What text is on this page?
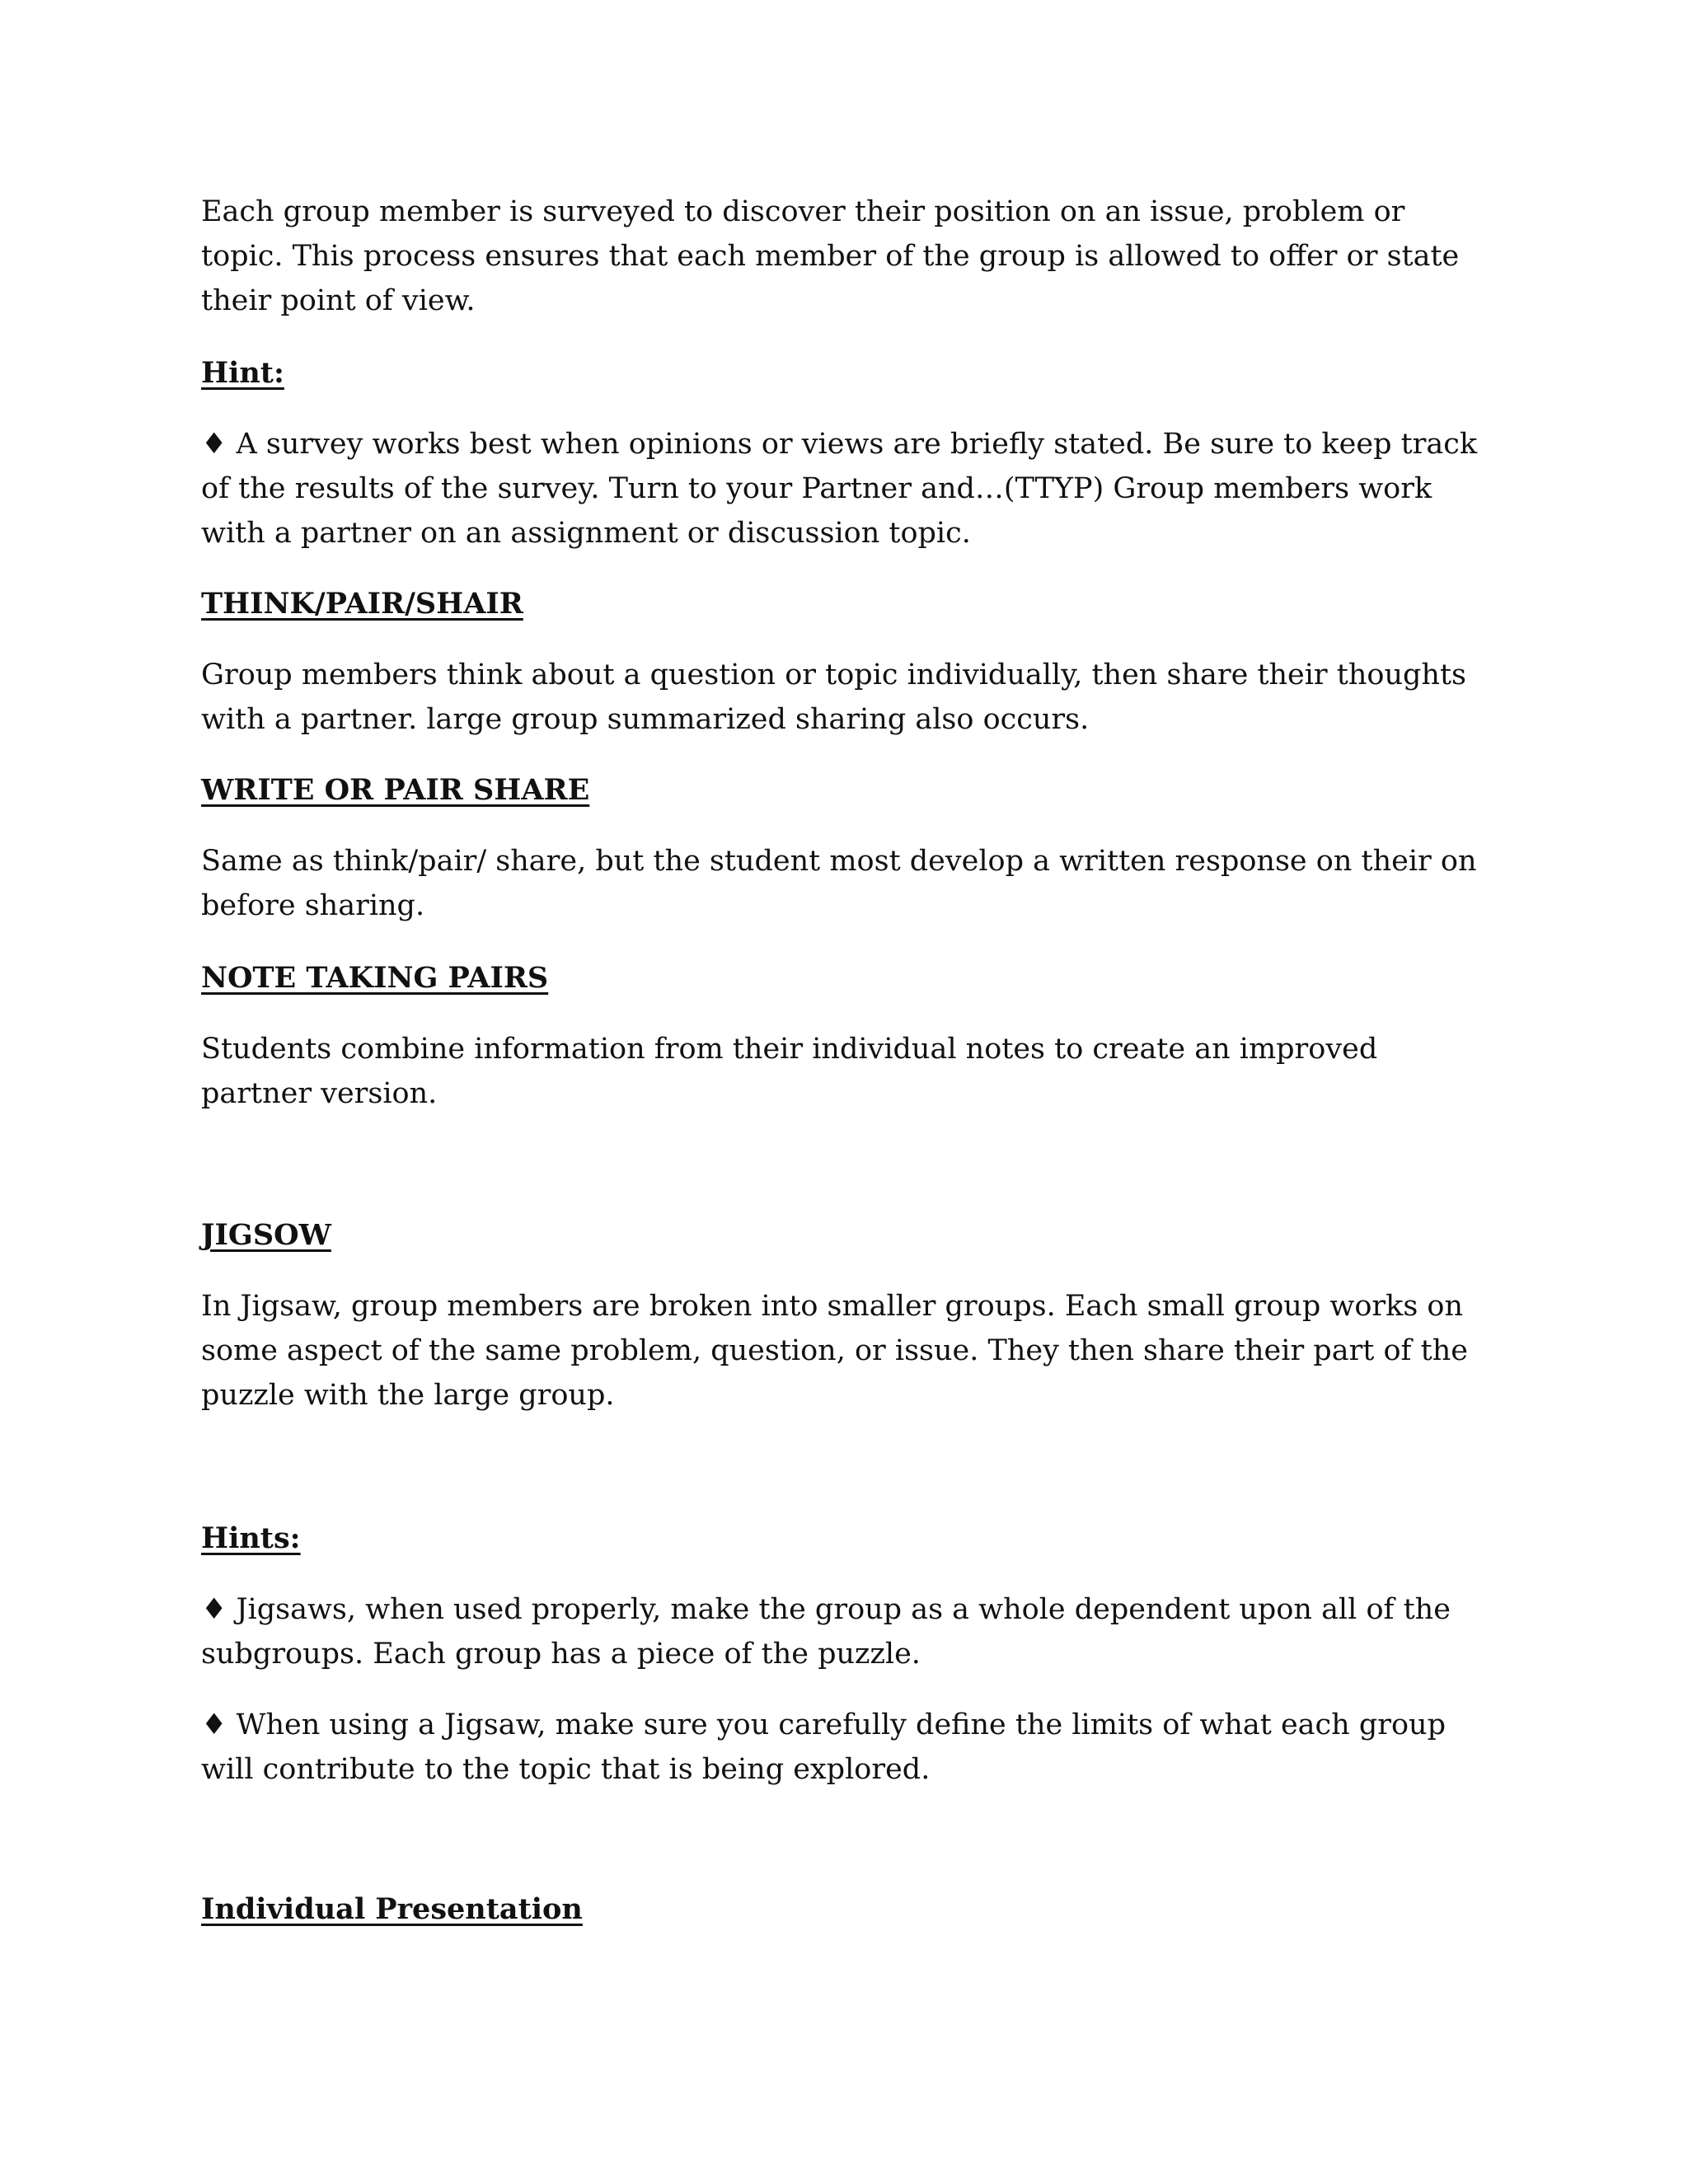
Each group member is surveyed to discover their position on an issue, problem or topic. This process ensures that each member of the group is allowed to offer or state their point of view.

Hint:

♦ A survey works best when opinions or views are briefly stated. Be sure to keep track of the results of the survey. Turn to your Partner and…(TTYP) Group members work with a partner on an assignment or discussion topic.

THINK/PAIR/SHAIR

Group members think about a question or topic individually, then share their thoughts with a partner. large group summarized sharing also occurs.

WRITE OR PAIR SHARE

Same as think/pair/ share, but the student most develop a written response on their on before sharing.

NOTE TAKING PAIRS

Students combine information from their individual notes to create an improved partner version.

JIGSOW

In Jigsaw, group members are broken into smaller groups. Each small group works on some aspect of the same problem, question, or issue. They then share their part of the puzzle with the large group.

Hints:

♦ Jigsaws, when used properly, make the group as a whole dependent upon all of the subgroups. Each group has a piece of the puzzle.

♦ When using a Jigsaw, make sure you carefully define the limits of what each group will contribute to the topic that is being explored.

Individual Presentation
